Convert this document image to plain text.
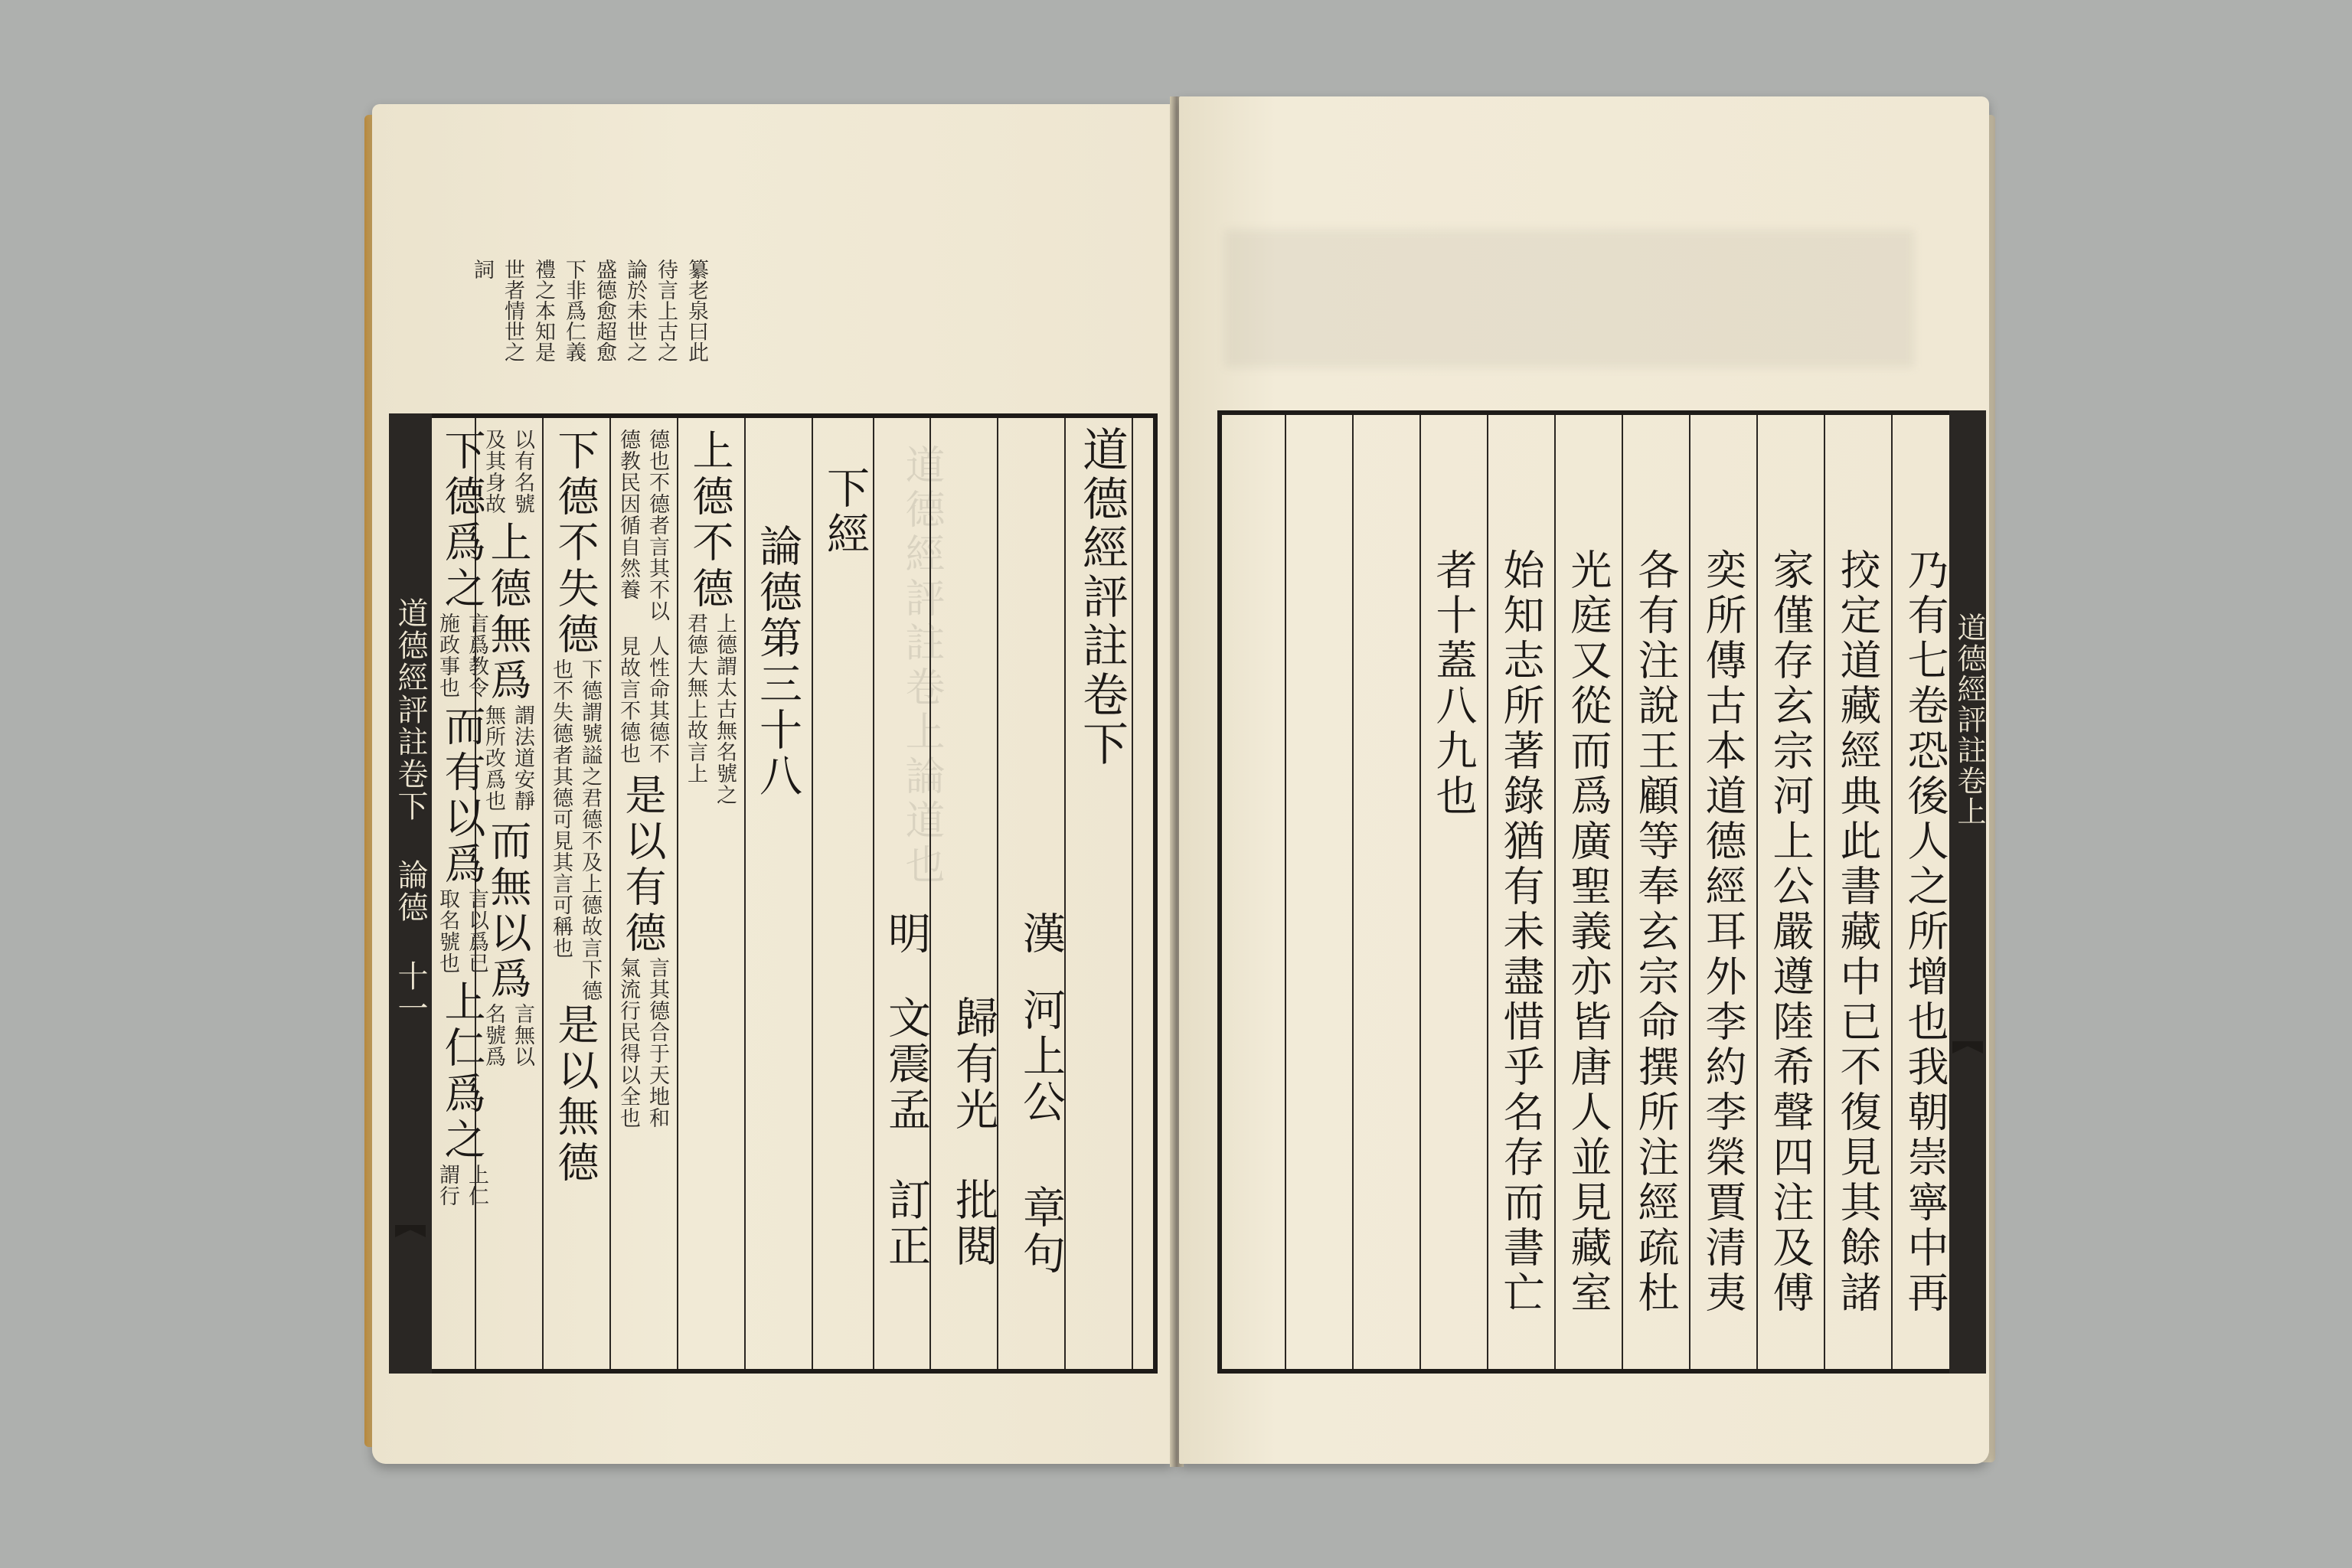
纂老泉曰此
待言上古之
論於未世之
盛德愈超愈
下非爲仁義
禮之本知是
世者情世之
詞
道德經評註卷上論道也	道德經評註卷下
漢
河上公
章句
歸有光
批閱
明
文震孟
訂正
下經
論德第三十八
上德不德
上德謂太古無名號之君德大無上故言上
德也不德者言其不以德教民因循自然養
人性命其德不見故言不德也
是以有德
言其德合于天地和氣流行民得以全也
下德不失德
下德謂號謚之君德不及上德故言下德也不失德者其德可見其言可稱也
是以無德
以有名號及其身故
上德無爲
謂法道安靜無所改爲也
而無以爲
言無以名號爲
下德爲之
言爲教令施政事也
而有以爲
言以爲已取名號也
上仁爲之
上仁謂行
道德經評註卷下 論德 十一	乃有七卷恐後人之所增也我朝崇寧中再
挍定道藏經典此書藏中已不復見其餘諸
家僅存玄宗河上公嚴遵陸希聲四注及傅
奕所傳古本道德經耳外李約李榮賈清夷
各有注說王顧等奉玄宗命撰所注經疏杜
光庭又從而爲廣聖義亦皆唐人並見藏室
始知志所著錄猶有未盡惜乎名存而書亡
者十蓋八九也	道德經評註卷上
